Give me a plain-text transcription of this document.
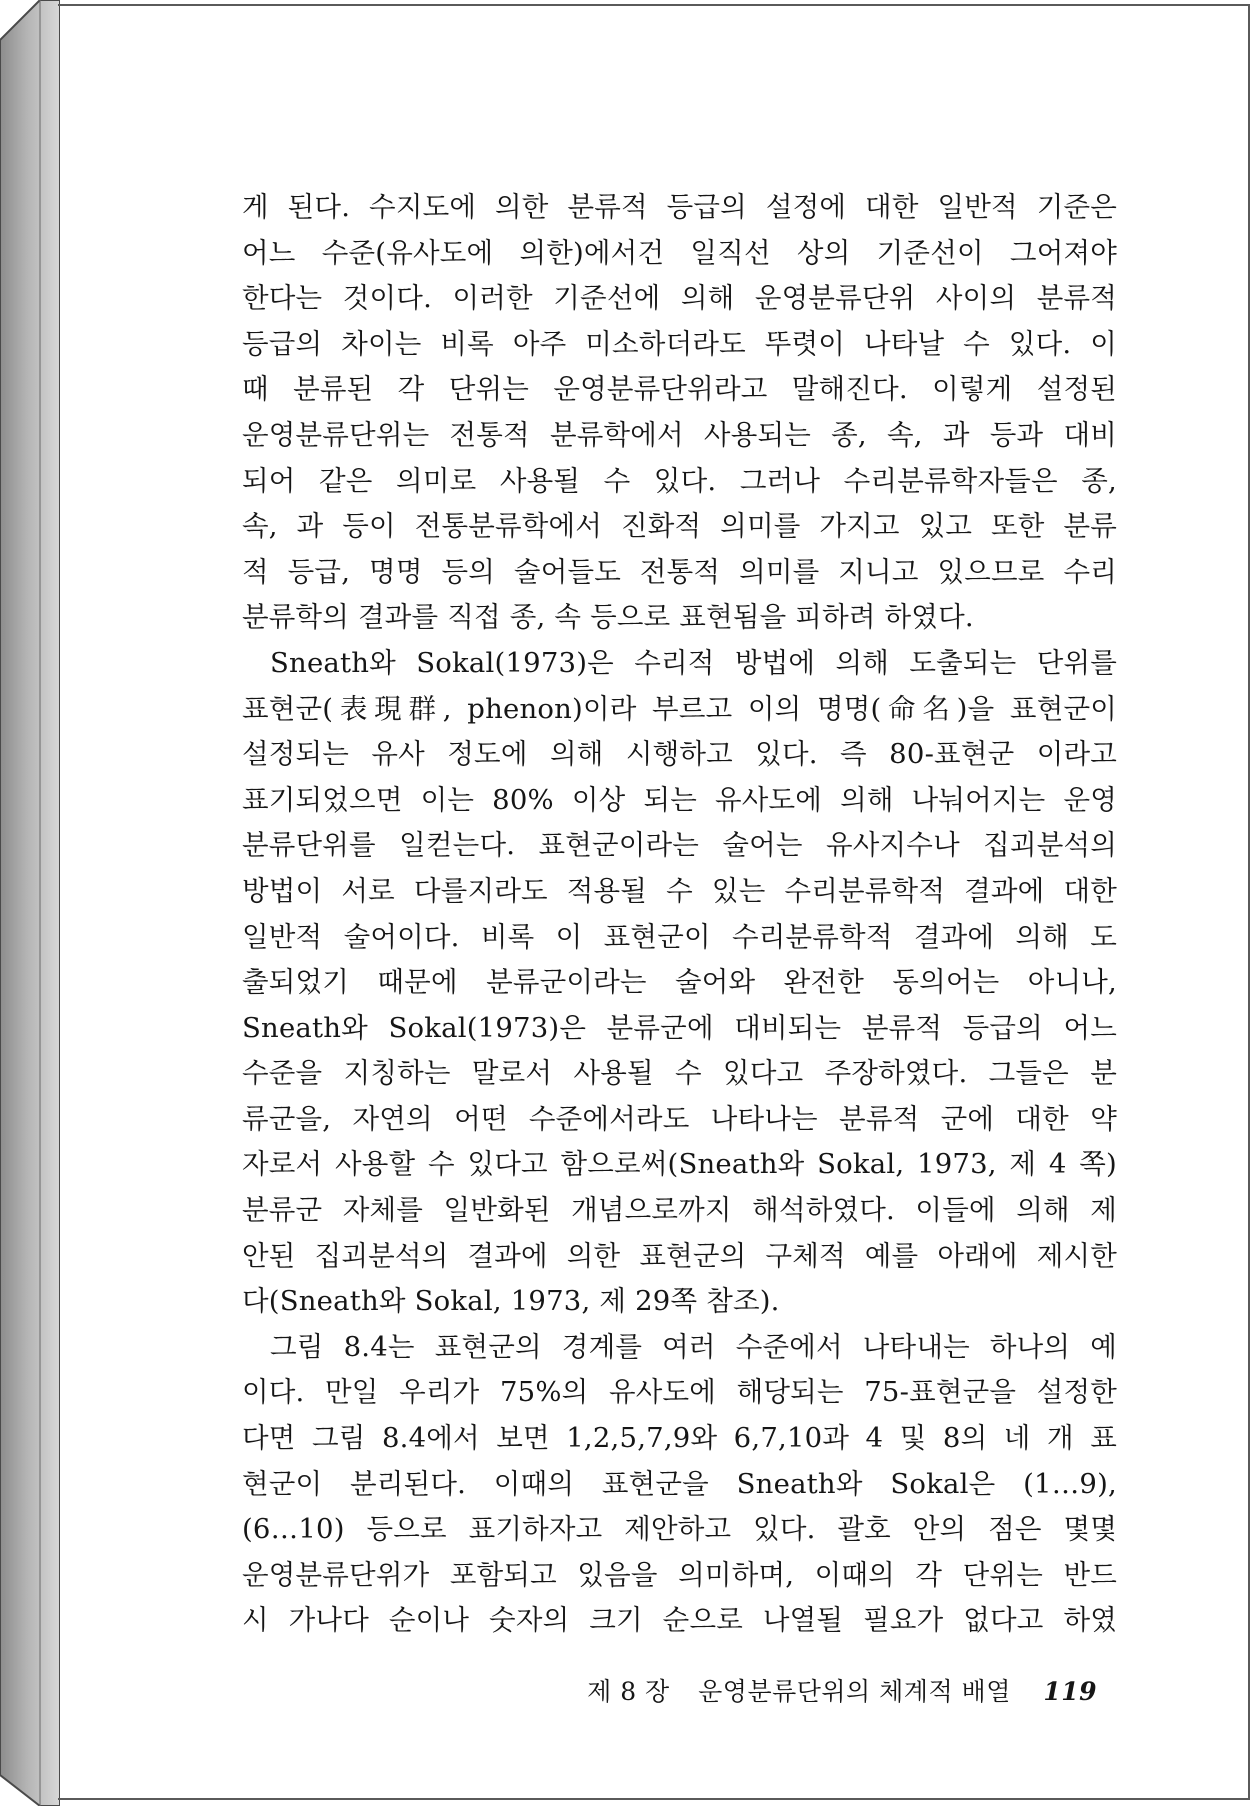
게 된다. 수지도에 의한 분류적 등급의 설정에 대한 일반적 기준은
어느 수준(유사도에 의한)에서건 일직선 상의 기준선이 그어져야
한다는 것이다. 이러한 기준선에 의해 운영분류단위 사이의 분류적
등급의 차이는 비록 아주 미소하더라도 뚜렷이 나타날 수 있다. 이
때 분류된 각 단위는 운영분류단위라고 말해진다. 이렇게 설정된
운영분류단위는 전통적 분류학에서 사용되는 종, 속, 과 등과 대비
되어 같은 의미로 사용될 수 있다. 그러나 수리분류학자들은 종,
속, 과 등이 전통분류학에서 진화적 의미를 가지고 있고 또한 분류
적 등급, 명명 등의 술어들도 전통적 의미를 지니고 있으므로 수리
분류학의 결과를 직접 종, 속 등으로 표현됨을 피하려 하였다.
Sneath와 Sokal(1973)은 수리적 방법에 의해 도출되는 단위를
표현군(表現群, phenon)이라 부르고 이의 명명(命名)을 표현군이
설정되는 유사 정도에 의해 시행하고 있다. 즉 80-표현군 이라고
표기되었으면 이는 80% 이상 되는 유사도에 의해 나눠어지는 운영
분류단위를 일컫는다. 표현군이라는 술어는 유사지수나 집괴분석의
방법이 서로 다를지라도 적용될 수 있는 수리분류학적 결과에 대한
일반적 술어이다. 비록 이 표현군이 수리분류학적 결과에 의해 도
출되었기 때문에 분류군이라는 술어와 완전한 동의어는 아니나,
Sneath와 Sokal(1973)은 분류군에 대비되는 분류적 등급의 어느
수준을 지칭하는 말로서 사용될 수 있다고 주장하였다. 그들은 분
류군을, 자연의 어떤 수준에서라도 나타나는 분류적 군에 대한 약
자로서 사용할 수 있다고 함으로써(Sneath와 Sokal, 1973, 제 4 쪽)
분류군 자체를 일반화된 개념으로까지 해석하였다. 이들에 의해 제
안된 집괴분석의 결과에 의한 표현군의 구체적 예를 아래에 제시한
다(Sneath와 Sokal, 1973, 제 29쪽 참조).
그림 8.4는 표현군의 경계를 여러 수준에서 나타내는 하나의 예
이다. 만일 우리가 75%의 유사도에 해당되는 75-표현군을 설정한
다면 그림 8.4에서 보면 1,2,5,7,9와 6,7,10과 4 및 8의 네 개 표
현군이 분리된다. 이때의 표현군을 Sneath와 Sokal은 (1…9),
(6…10) 등으로 표기하자고 제안하고 있다. 괄호 안의 점은 몇몇
운영분류단위가 포함되고 있음을 의미하며, 이때의 각 단위는 반드
시 가나다 순이나 숫자의 크기 순으로 나열될 필요가 없다고 하였
제 8 장 운영분류단위의 체계적 배열 119
